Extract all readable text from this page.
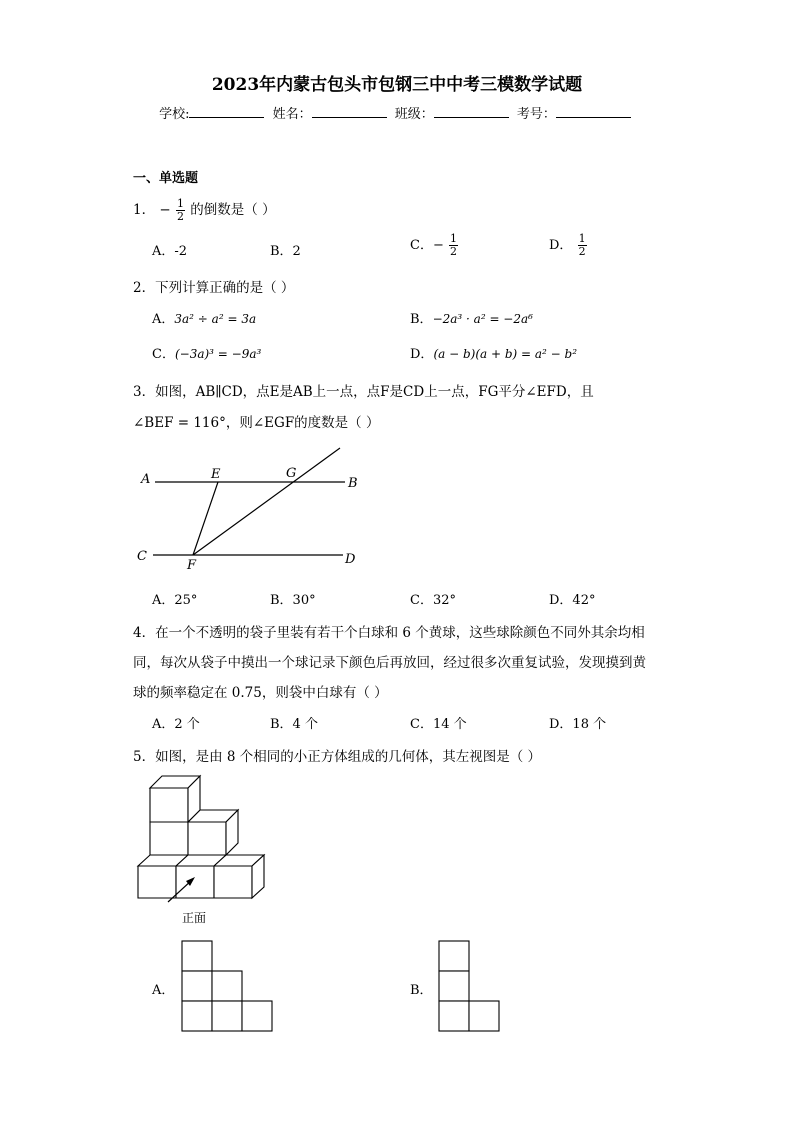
2023年内蒙古包头市包钢三中中考三模数学试题
学校:	姓名：	班级：	考号：
一、单选题
1． − $\frac{1}{2}$ 的倒数是（ ）
A．-2	B．2	C．− $\frac{1}{2}$	D． $\frac{1}{2}$
2．下列计算正确的是（ ）
A．3a² ÷ a² = 3a	B．−2a³ · a² = −2a⁶
C．(−3a)³ = −9a³	D．(a − b)(a + b) = a² − b²
3．如图，AB∥CD，点E是AB上一点，点F是CD上一点，FG平分∠EFD，且
∠BEF = 116°，则∠EGF的度数是（ ）
A	B
C	D
E
F
G
A．25°	B．30°	C．32°	D．42°
4．在一个不透明的袋子里装有若干个白球和 6 个黄球，这些球除颜色不同外其余均相
同，每次从袋子中摸出一个球记录下颜色后再放回，经过很多次重复试验，发现摸到黄
球的频率稳定在 0.75，则袋中白球有（ ）
A．2 个	B．4 个	C．14 个	D．18 个
5．如图，是由 8 个相同的小正方体组成的几何体，其左视图是（ ）
正面
A．	B．
